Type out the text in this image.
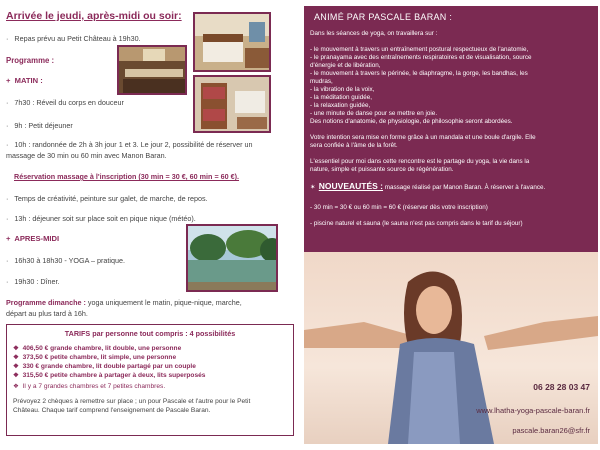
Arrivée le jeudi, après-midi ou soir:
·   Repas prévu au Petit Château à 19h30.
Programme :
+  MATIN :
·   7h30 : Réveil du corps en douceur
·   9h : Petit déjeuner
·   10h : randonnée de 2h à 3h jour 1 et 3. Le jour 2, possibilité de réserver un
massage de 30 min ou 60 min avec Manon Baran.
Réservation massage à l'inscription (30 min = 30 €, 60 min = 60 €).
·   Temps de créativité, peinture sur galet, de marche, de repos.
·   13h : déjeuner soit sur place soit en pique nique (météo).
+  APRES-MIDI
·   16h30 à 18h30 - YOGA – pratique.
·   19h30 : Dîner.
Programme dimanche : yoga uniquement le matin, pique-nique, marche,
départ au plus tard à 16h.
TARIFS par personne tout compris : 4 possibilités
❖  406,50 € grande chambre, lit double, une personne
❖  373,50 € petite chambre, lit simple, une personne
❖  330 € grande chambre, lit double partagé par un couple
❖  315,50 € petite chambre à partager à deux, lits superposés
❖  Il y a 7 grandes chambres et 7 petites chambres.
Prévoyez 2 chèques à remettre sur place ; un pour Pascale et l'autre pour le Petit
Château. Chaque tarif comprend l'enseignement de Pascale Baran.
ANIMÉ PAR PASCALE BARAN :
Dans les séances de yoga, on travaillera sur :
- le mouvement à travers un entraînement postural respectueux de l'anatomie,
- le pranayama avec des entraînements respiratoires et de visualisation, source
d'énergie et de libération,
- le mouvement à travers le périnée, le diaphragme, la gorge, les bandhas, les
mudras,
- la vibration de la voix,
- la méditation guidée,
- la relaxation guidée,
- une minute de danse pour se mettre en joie.
Des notions d'anatomie, de physiologie, de philosophie seront abordées.
Votre intention sera mise en forme grâce à un mandala et une boule d'argile. Elle
sera confiée à l'âme de la forêt.
L'essentiel pour moi dans cette rencontre est le partage du yoga, la vie dans la
nature, simple et puissante source de régénération.
✶  NOUVEAUTÉS : massage réalisé par Manon Baran. À réserver à l'avance.
- 30 min = 30 € ou 60 min = 60 € (réserver dès votre inscription)
- piscine naturel et sauna (le sauna n'est pas compris dans le tarif du séjour)
06 28 28 03 47
www.lhatha-yoga-pascale-baran.fr
pascale.baran26@sfr.fr
